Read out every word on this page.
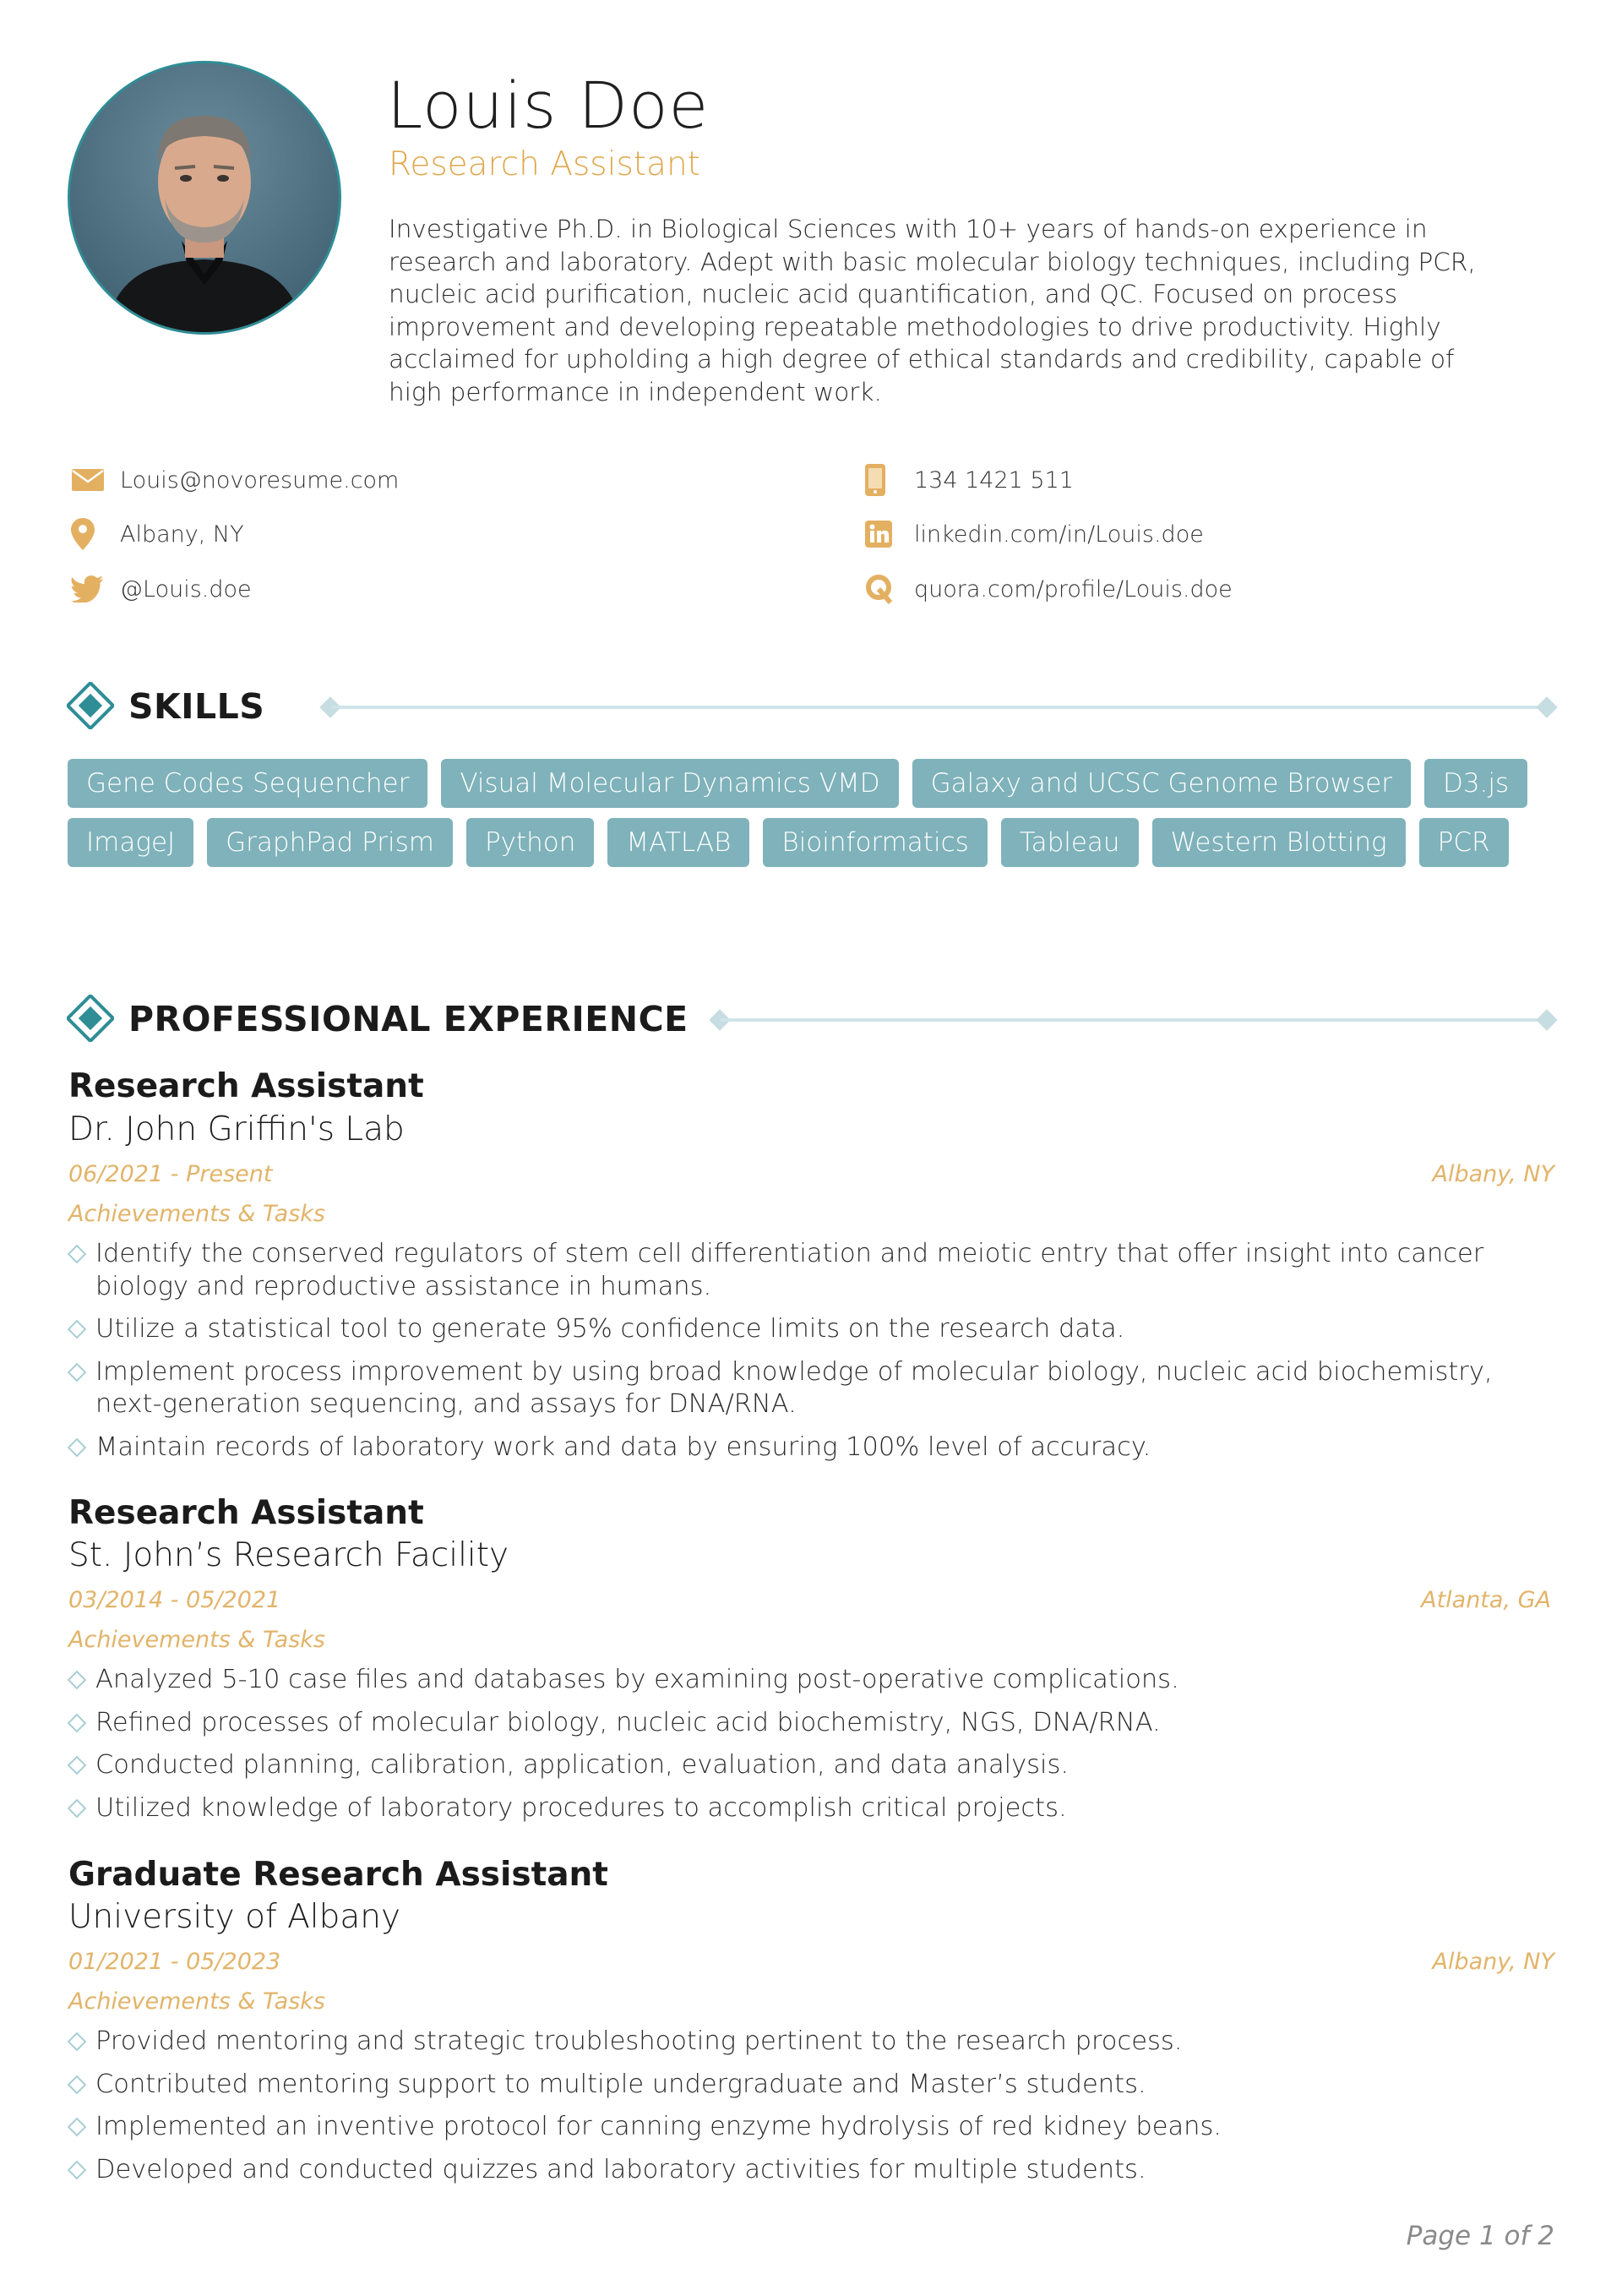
Louis Doe
Research Assistant
Investigative Ph.D. in Biological Sciences with 10+ years of hands-on experience in research and laboratory. Adept with basic molecular biology techniques, including PCR, nucleic acid purification, nucleic acid quantification, and QC. Focused on process improvement and developing repeatable methodologies to drive productivity. Highly acclaimed for upholding a high degree of ethical standards and credibility, capable of high performance in independent work.
Louis@novoresume.com
Albany, NY
@Louis.doe
134 1421 511
linkedin.com/in/Louis.doe
quora.com/profile/Louis.doe
SKILLS
Gene Codes Sequencher	Visual Molecular Dynamics VMD	Galaxy and UCSC Genome Browser	D3.js
ImageJ	GraphPad Prism	Python	MATLAB	Bioinformatics	Tableau	Western Blotting	PCR
PROFESSIONAL EXPERIENCE
Research Assistant
Dr. John Griffin's Lab
06/2021 - Present	Albany, NY
Achievements & Tasks
Identify the conserved regulators of stem cell differentiation and meiotic entry that offer insight into cancer biology and reproductive assistance in humans.
Utilize a statistical tool to generate 95% confidence limits on the research data.
Implement process improvement by using broad knowledge of molecular biology, nucleic acid biochemistry, next-generation sequencing, and assays for DNA/RNA.
Maintain records of laboratory work and data by ensuring 100% level of accuracy.
Research Assistant
St. John’s Research Facility
03/2014 - 05/2021	Atlanta, GA
Achievements & Tasks
Analyzed 5-10 case files and databases by examining post-operative complications.
Refined processes of molecular biology, nucleic acid biochemistry, NGS, DNA/RNA.
Conducted planning, calibration, application, evaluation, and data analysis.
Utilized knowledge of laboratory procedures to accomplish critical projects.
Graduate Research Assistant
University of Albany
01/2021 - 05/2023	Albany, NY
Achievements & Tasks
Provided mentoring and strategic troubleshooting pertinent to the research process.
Contributed mentoring support to multiple undergraduate and Master’s students.
Implemented an inventive protocol for canning enzyme hydrolysis of red kidney beans.
Developed and conducted quizzes and laboratory activities for multiple students.
Page 1 of 2
